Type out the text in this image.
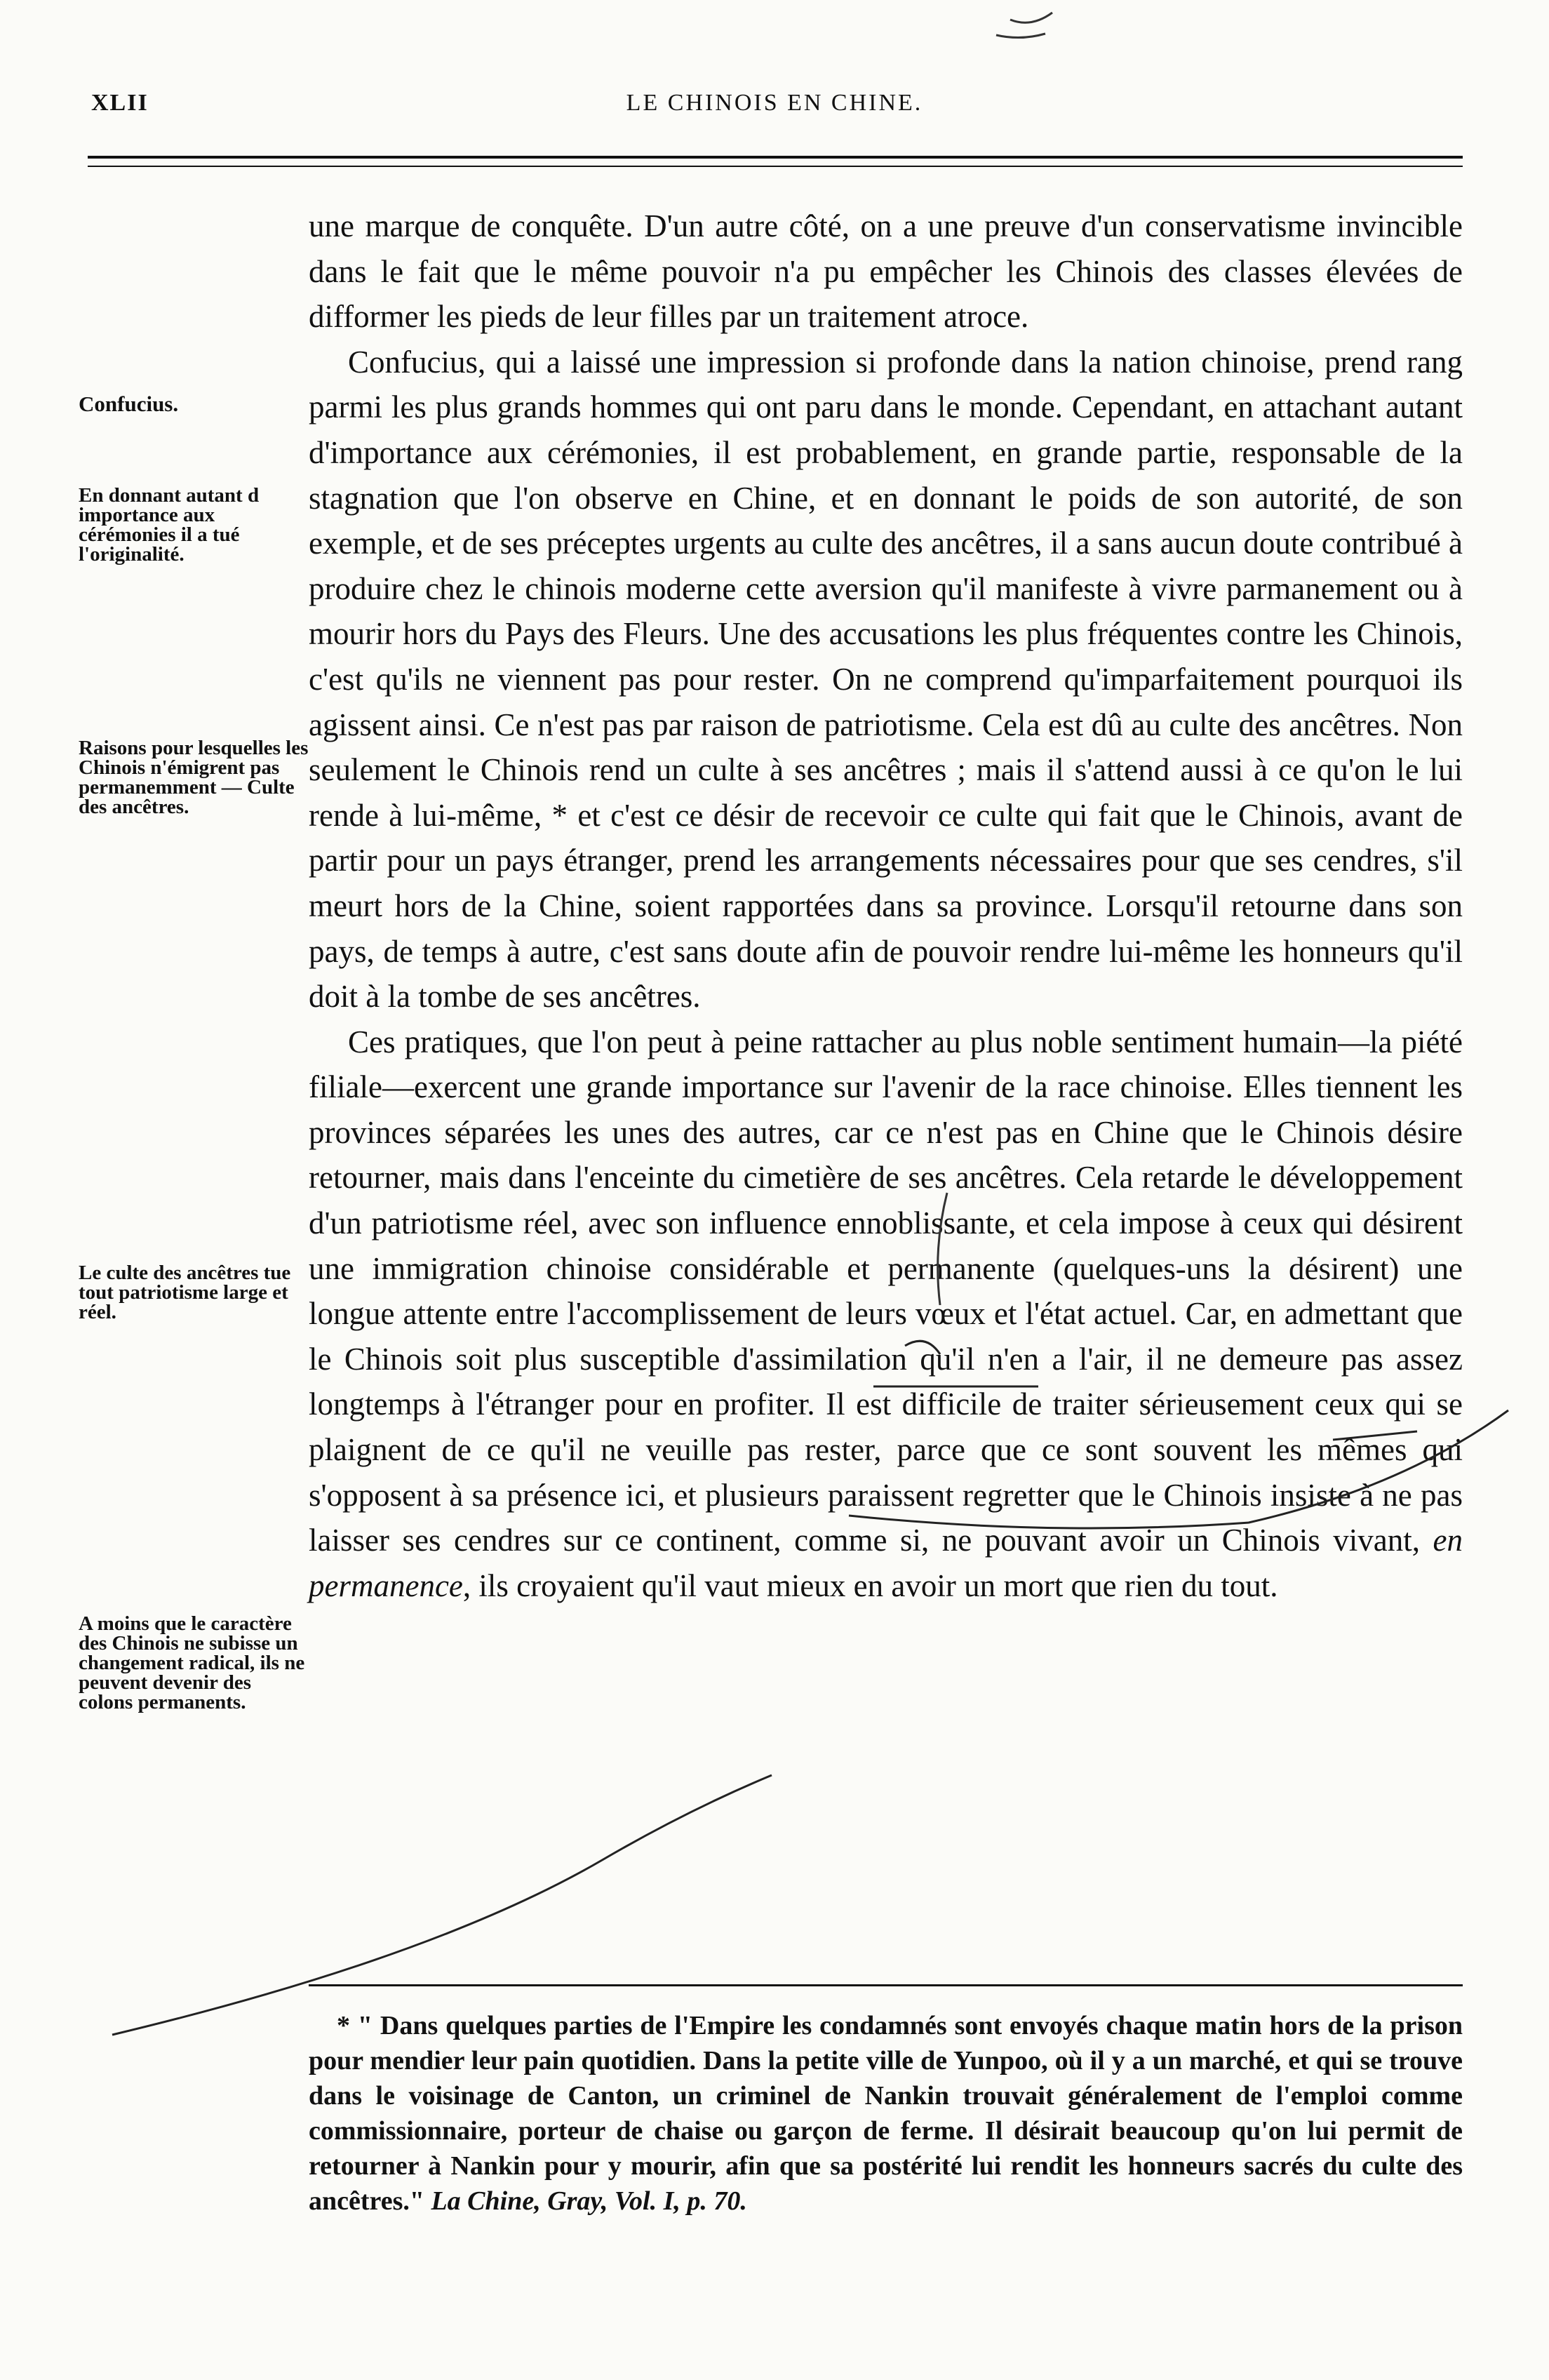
XLII	LE CHINOIS EN CHINE.
Confucius.
En donnant autant d importance aux cérémonies il a tué l'originalité.
Raisons pour lesquelles les Chinois n'émigrent pas permanemment — Culte des ancêtres.
Le culte des ancêtres tue tout patriotisme large et réel.
A moins que le caractère des Chinois ne subisse un changement radical, ils ne peuvent devenir des colons permanents.

une marque de conquête. D'un autre côté, on a une preuve d'un conservatisme invincible dans le fait que le même pouvoir n'a pu empêcher les Chinois des classes élevées de difformer les pieds de leur filles par un traitement atroce.

Confucius, qui a laissé une impression si profonde dans la nation chinoise, prend rang parmi les plus grands hommes qui ont paru dans le monde. Cependant, en attachant autant d'importance aux cérémonies, il est probablement, en grande partie, responsable de la stagnation que l'on observe en Chine, et en donnant le poids de son autorité, de son exemple, et de ses préceptes urgents au culte des ancêtres, il a sans aucun doute contribué à produire chez le chinois moderne cette aversion qu'il manifeste à vivre parmanement ou à mourir hors du Pays des Fleurs. Une des accusations les plus fréquentes contre les Chinois, c'est qu'ils ne viennent pas pour rester. On ne comprend qu'imparfaitement pourquoi ils agissent ainsi. Ce n'est pas par raison de patriotisme. Cela est dû au culte des ancêtres. Non seulement le Chinois rend un culte à ses ancêtres ; mais il s'attend aussi à ce qu'on le lui rende à lui-même, * et c'est ce désir de recevoir ce culte qui fait que le Chinois, avant de partir pour un pays étranger, prend les arrangements nécessaires pour que ses cendres, s'il meurt hors de la Chine, soient rapportées dans sa province. Lorsqu'il retourne dans son pays, de temps à autre, c'est sans doute afin de pouvoir rendre lui-même les honneurs qu'il doit à la tombe de ses ancêtres.

Ces pratiques, que l'on peut à peine rattacher au plus noble sentiment humain—la piété filiale—exercent une grande importance sur l'avenir de la race chinoise. Elles tiennent les provinces séparées les unes des autres, car ce n'est pas en Chine que le Chinois désire retourner, mais dans l'enceinte du cimetière de ses ancêtres. Cela retarde le développement d'un patriotisme réel, avec son influence ennoblissante, et cela impose à ceux qui désirent une immigration chinoise considérable et permanente (quelques-uns la désirent) une longue attente entre l'accomplissement de leurs vœux et l'état actuel. Car, en admettant que le Chinois soit plus susceptible d'assimilation qu'il n'en a l'air, il ne demeure pas assez longtemps à l'étranger pour en profiter. Il est difficile de traiter sérieusement ceux qui se plaignent de ce qu'il ne veuille pas rester, parce que ce sont souvent les mêmes qui s'opposent à sa présence ici, et plusieurs paraissent regretter que le Chinois insiste à ne pas laisser ses cendres sur ce continent, comme si, ne pouvant avoir un Chinois vivant, en permanence, ils croyaient qu'il vaut mieux en avoir un mort que rien du tout.

* " Dans quelques parties de l'Empire les condamnés sont envoyés chaque matin hors de la prison pour mendier leur pain quotidien. Dans la petite ville de Yunpoo, où il y a un marché, et qui se trouve dans le voisinage de Canton, un criminel de Nankin trouvait généralement de l'emploi comme commissionnaire, porteur de chaise ou garçon de ferme. Il désirait beaucoup qu'on lui permit de retourner à Nankin pour y mourir, afin que sa postérité lui rendit les honneurs sacrés du culte des ancêtres." La Chine, Gray, Vol. I, p. 70.
